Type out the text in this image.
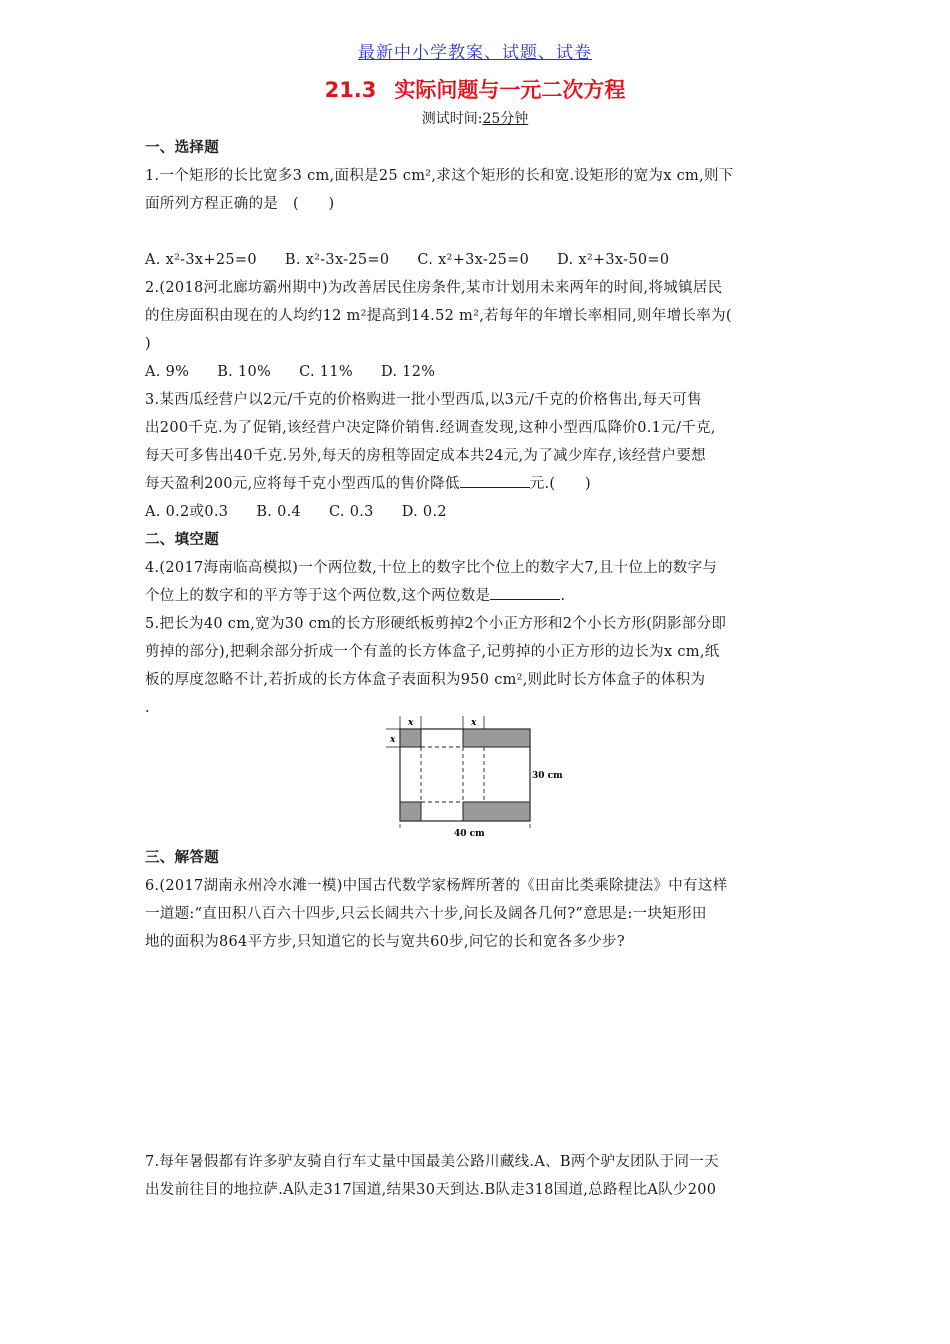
最新中小学教案、试题、试卷
21.3 实际问题与一元二次方程
测试时间:25分钟
一、选择题
1.一个矩形的长比宽多3 cm,面积是25 cm²,求这个矩形的长和宽.设矩形的宽为x cm,则下
面所列方程正确的是　(　　)
A. x²-3x+25=0 B. x²-3x-25=0 C. x²+3x-25=0 D. x²+3x-50=0
2.(2018河北廊坊霸州期中)为改善居民住房条件,某市计划用未来两年的时间,将城镇居民
的住房面积由现在的人均约12 m²提高到14.52 m²,若每年的年增长率相同,则年增长率为(
)
A. 9% B. 10% C. 11% D. 12%
3.某西瓜经营户以2元/千克的价格购进一批小型西瓜,以3元/千克的价格售出,每天可售
出200千克.为了促销,该经营户决定降价销售.经调查发现,这种小型西瓜降价0.1元/千克,
每天可多售出40千克.另外,每天的房租等固定成本共24元,为了减少库存,该经营户要想
每天盈利200元,应将每千克小型西瓜的售价降低	元.(　　)
A. 0.2或0.3 B. 0.4 C. 0.3 D. 0.2
二、填空题
4.(2017海南临高模拟)一个两位数,十位上的数字比个位上的数字大7,且十位上的数字与
个位上的数字和的平方等于这个两位数,这个两位数是	.
5.把长为40 cm,宽为30 cm的长方形硬纸板剪掉2个小正方形和2个小长方形(阴影部分即
剪掉的部分),把剩余部分折成一个有盖的长方体盒子,记剪掉的小正方形的边长为x cm,纸
板的厚度忽略不计,若折成的长方体盒子表面积为950 cm²,则此时长方体盒子的体积为
.
x	x
x
30 cm
40 cm
三、解答题
6.(2017湖南永州冷水滩一模)中国古代数学家杨辉所著的《田亩比类乘除捷法》中有这样
一道题:“直田积八百六十四步,只云长阔共六十步,问长及阔各几何?”意思是:一块矩形田
地的面积为864平方步,只知道它的长与宽共60步,问它的长和宽各多少步?
7.每年暑假都有许多驴友骑自行车丈量中国最美公路川藏线.A、B两个驴友团队于同一天
出发前往目的地拉萨.A队走317国道,结果30天到达.B队走318国道,总路程比A队少200
